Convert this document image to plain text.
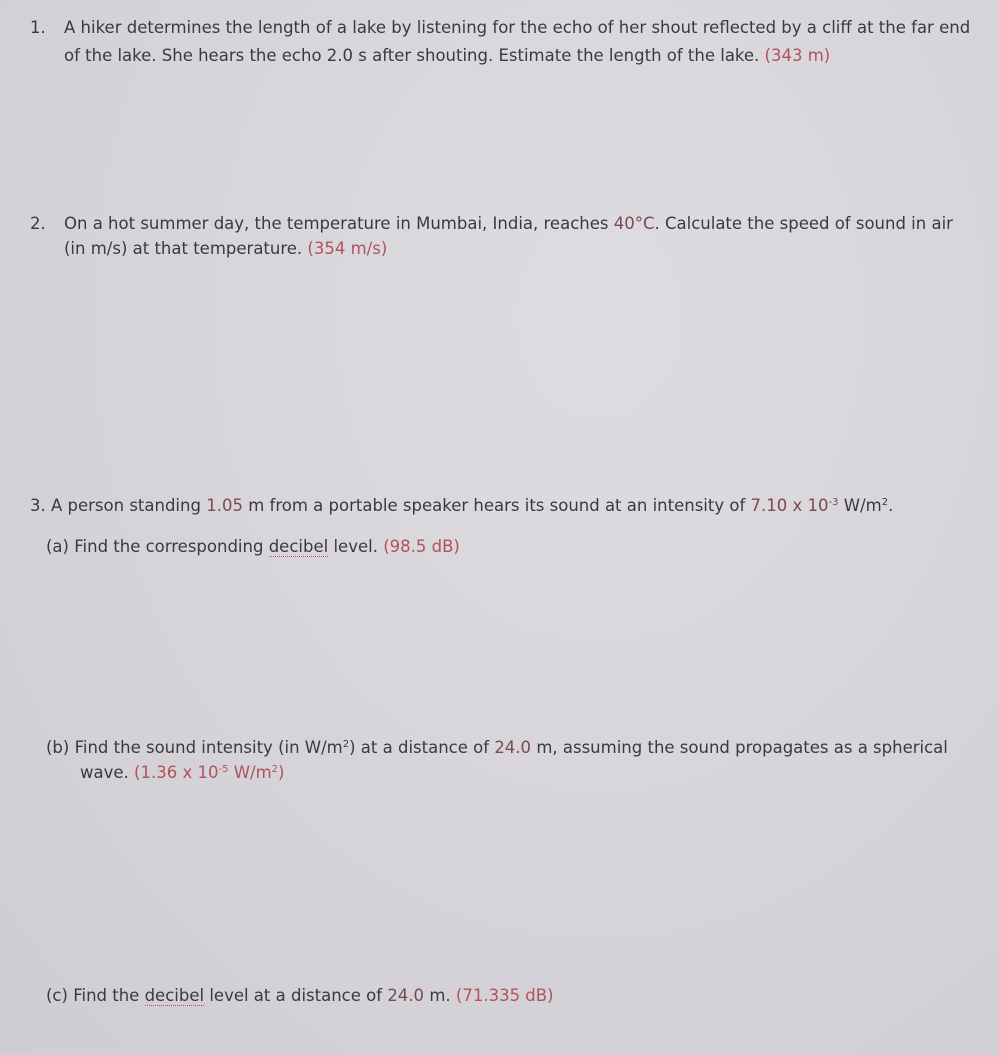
1. A hiker determines the length of a lake by listening for the echo of her shout reflected by a cliff at the far end
of the lake. She hears the echo 2.0 s after shouting. Estimate the length of the lake. (343 m)
2. On a hot summer day, the temperature in Mumbai, India, reaches 40°C. Calculate the speed of sound in air
(in m/s) at that temperature. (354 m/s)
3. A person standing 1.05 m from a portable speaker hears its sound at an intensity of 7.10 x $10^{-3}$ $W/m^2$.
(a) Find the corresponding decibel level. (98.5 dB)
(b) Find the sound intensity (in $W/m^2$) at a distance of 24.0 m, assuming the sound propagates as a spherical
wave. (1.36 x $10^{-5}$ $W/m^2$)
(c) Find the decibel level at a distance of 24.0 m. (71.335 dB)
